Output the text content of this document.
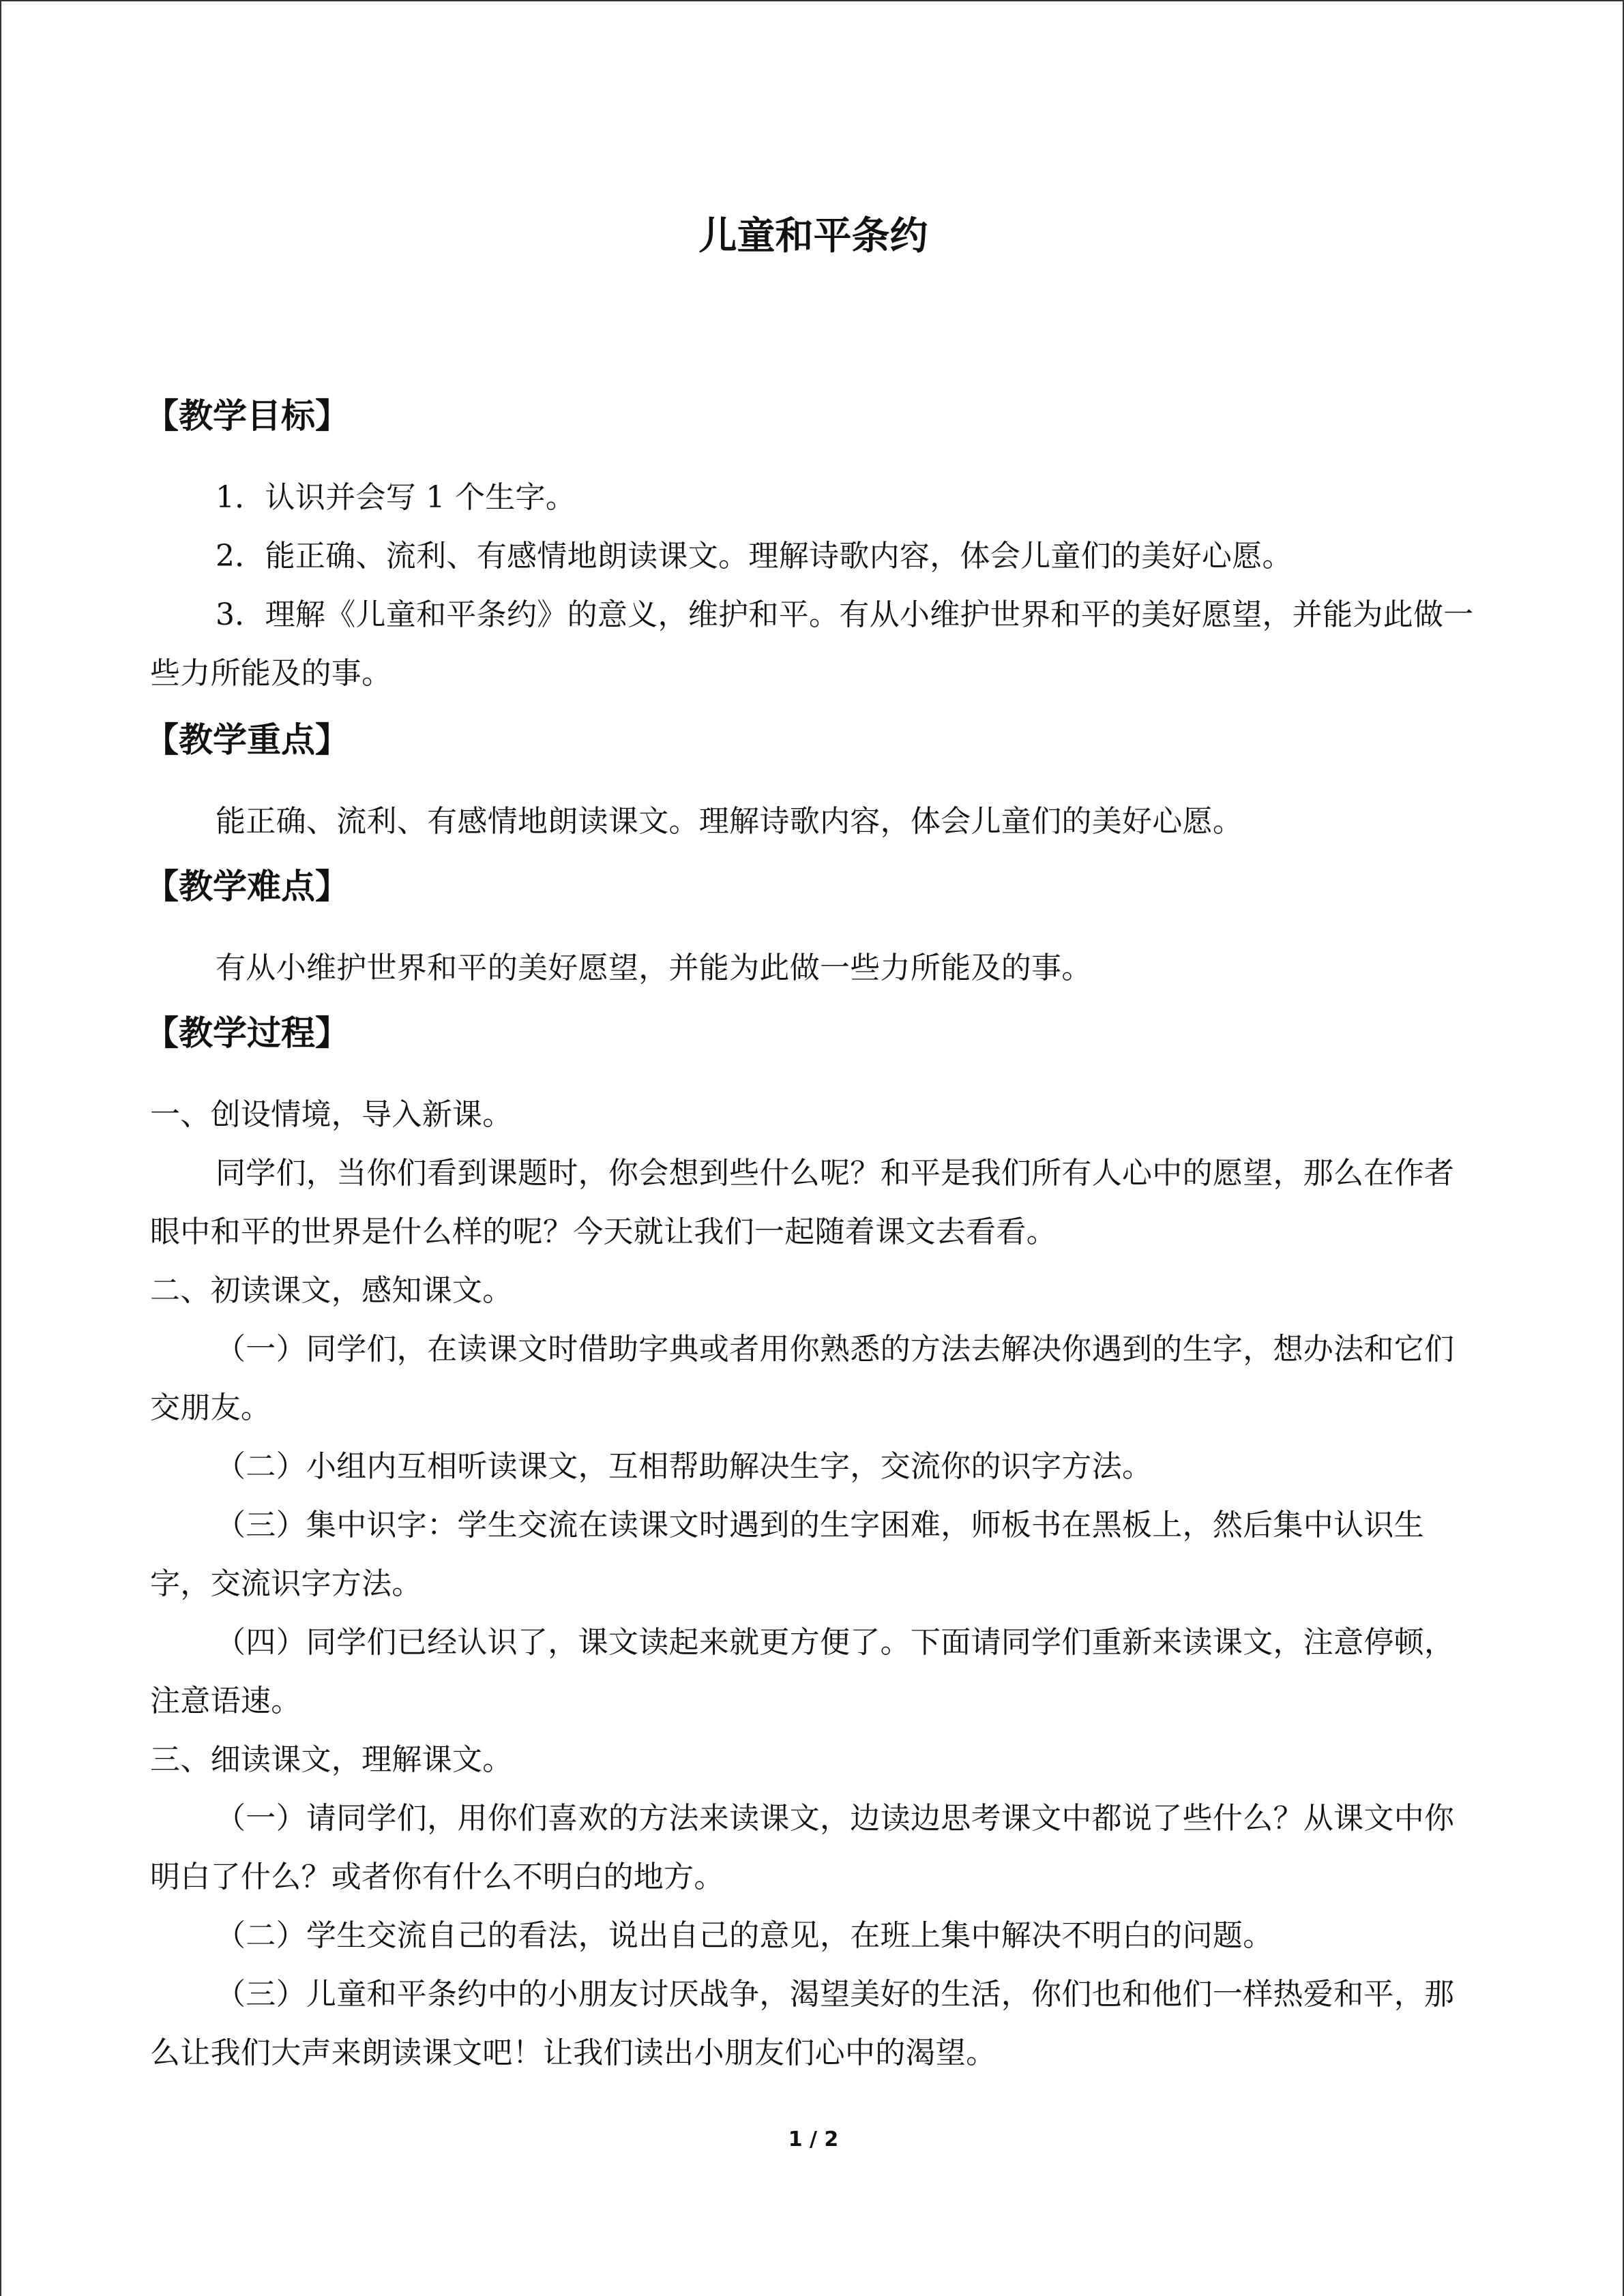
儿童和平条约
【教学目标】
1．认识并会写 1 个生字。
2．能正确、流利、有感情地朗读课文。理解诗歌内容，体会儿童们的美好心愿。
3．理解《儿童和平条约》的意义，维护和平。有从小维护世界和平的美好愿望，并能为此做一些力所能及的事。
【教学重点】
能正确、流利、有感情地朗读课文。理解诗歌内容，体会儿童们的美好心愿。
【教学难点】
有从小维护世界和平的美好愿望，并能为此做一些力所能及的事。
【教学过程】
一、创设情境，导入新课。
同学们，当你们看到课题时，你会想到些什么呢？和平是我们所有人心中的愿望，那么在作者眼中和平的世界是什么样的呢？今天就让我们一起随着课文去看看。
二、初读课文，感知课文。
（一）同学们，在读课文时借助字典或者用你熟悉的方法去解决你遇到的生字，想办法和它们交朋友。
（二）小组内互相听读课文，互相帮助解决生字，交流你的识字方法。
（三）集中识字：学生交流在读课文时遇到的生字困难，师板书在黑板上，然后集中认识生字，交流识字方法。
（四）同学们已经认识了，课文读起来就更方便了。下面请同学们重新来读课文，注意停顿，注意语速。
三、细读课文，理解课文。
（一）请同学们，用你们喜欢的方法来读课文，边读边思考课文中都说了些什么？从课文中你明白了什么？或者你有什么不明白的地方。
（二）学生交流自己的看法，说出自己的意见，在班上集中解决不明白的问题。
（三）儿童和平条约中的小朋友讨厌战争，渴望美好的生活，你们也和他们一样热爱和平，那么让我们大声来朗读课文吧！让我们读出小朋友们心中的渴望。
1 / 2
